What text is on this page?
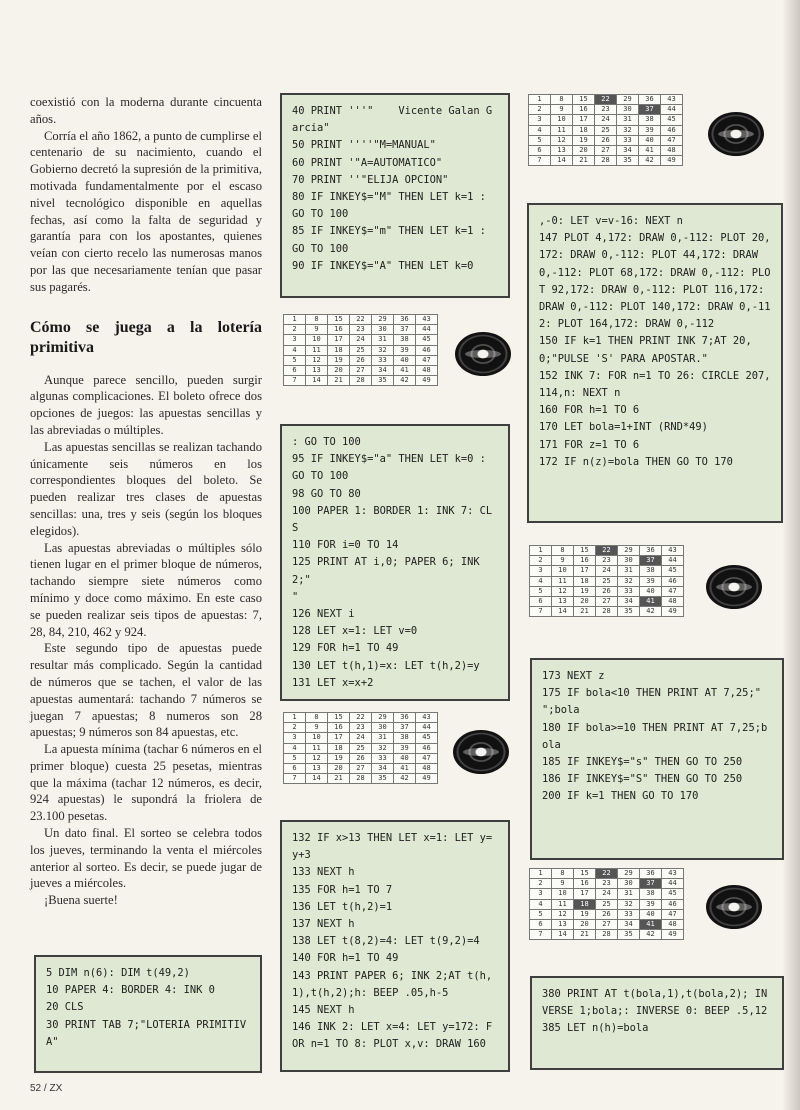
coexistió con la moderna durante cincuenta años.

Corría el año 1862, a punto de cumplirse el centenario de su nacimiento, cuando el Gobierno decretó la supresión de la primitiva, motivada fundamentalmente por el escaso nivel tecnológico disponible en aquellas fechas, así como la falta de seguridad y garantía para con los apostantes, quienes veían con cierto recelo las numerosas manos por las que necesariamente tenían que pasar sus pagarés.

Cómo se juega a la lotería primitiva

Aunque parece sencillo, pueden surgir algunas complicaciones. El boleto ofrece dos opciones de juegos: las apuestas sencillas y las abreviadas o múltiples.

Las apuestas sencillas se realizan tachando únicamente seis números en los correspondientes bloques del boleto. Se pueden realizar tres clases de apuestas sencillas: una, tres y seis (según los bloques elegidos).

Las apuestas abreviadas o múltiples sólo tienen lugar en el primer bloque de números, tachando siempre siete números como mínimo y doce como máximo. En este caso se pueden realizar seis tipos de apuestas: 7, 28, 84, 210, 462 y 924.

Este segundo tipo de apuestas puede resultar más complicado. Según la cantidad de números que se tachen, el valor de las apuestas aumentará: tachando 7 números se juegan 7 apuestas; 8 numeros son 28 apuestas; 9 números son 84 apuestas, etc.

La apuesta mínima (tachar 6 números en el primer bloque) cuesta 25 pesetas, mientras que la máxima (tachar 12 números, es decir, 924 apuestas) le supondrá la friolera de 23.100 pesetas.

Un dato final. El sorteo se celebra todos los jueves, terminando la venta el miércoles anterior al sorteo. Es decir, se puede jugar de jueves a miércoles.

¡Buena suerte!

5 DIM n(6): DIM t(49,2)
10 PAPER 4: BORDER 4: INK 0
20 CLS
30 PRINT TAB 7;"LOTERIA PRIMITIVA"
40 PRINT '''"    Vicente Galan Garcia"
50 PRINT ''''"M=MANUAL"
60 PRINT '"A=AUTOMATICO"
70 PRINT ''"ELIJA OPCION"
80 IF INKEY$="M" THEN LET k=1 : GO TO 100
85 IF INKEY$="m" THEN LET k=1 : GO TO 100
90 IF INKEY$="A" THEN LET k=0
: GO TO 100
95 IF INKEY$="a" THEN LET k=0 : GO TO 100
98 GO TO 80
100 PAPER 1: BORDER 1: INK 7: CLS
110 FOR i=0 TO 14
125 PRINT AT i,0; PAPER 6; INK 2;"                              "
126 NEXT i
128 LET x=1: LET v=0
129 FOR h=1 TO 49
130 LET t(h,1)=x: LET t(h,2)=y
131 LET x=x+2
132 IF x>13 THEN LET x=1: LET y=y+3
133 NEXT h
135 FOR h=1 TO 7
136 LET t(h,2)=1
137 NEXT h
138 LET t(8,2)=4: LET t(9,2)=4
140 FOR h=1 TO 49
143 PRINT PAPER 6; INK 2;AT t(h,1),t(h,2);h: BEEP .05,h-5
145 NEXT h
146 INK 2: LET x=4: LET y=172: FOR n=1 TO 8: PLOT x,v: DRAW 160
,-0: LET v=v-16: NEXT n
147 PLOT 4,172: DRAW 0,-112: PLOT 20,172: DRAW 0,-112: PLOT 44,172: DRAW 0,-112: PLOT 68,172: DRAW 0,-112: PLOT 92,172: DRAW 0,-112: PLOT 116,172: DRAW 0,-112: PLOT 140,172: DRAW 0,-112: PLOT 164,172: DRAW 0,-112
150 IF k=1 THEN PRINT INK 7;AT 20,0;"PULSE 'S' PARA APOSTAR."
152 INK 7: FOR n=1 TO 26: CIRCLE 207,114,n: NEXT n
160 FOR h=1 TO 6
170 LET bola=1+INT (RND*49)
171 FOR z=1 TO 6
172 IF n(z)=bola THEN GO TO 170
173 NEXT z
175 IF bola<10 THEN PRINT AT 7,25;" ";bola
180 IF bola>=10 THEN PRINT AT 7,25;bola
185 IF INKEY$="s" THEN GO TO 250
186 IF INKEY$="S" THEN GO TO 250
200 IF k=1 THEN GO TO 170
380 PRINT AT t(bola,1),t(bola,2); INVERSE 1;bola;: INVERSE 0: BEEP .5,12
385 LET n(h)=bola
1	8	15	22	29	36	43
2	9	16	23	30	37	44
3	10	17	24	31	38	45
4	11	18	25	32	39	46
5	12	19	26	33	40	47
6	13	20	27	34	41	48
7	14	21	28	35	42	49
1	8	15	22	29	36	43
2	9	16	23	30	37	44
3	10	17	24	31	38	45
4	11	18	25	32	39	46
5	12	19	26	33	40	47
6	13	20	27	34	41	48
7	14	21	28	35	42	49
1	8	15	22	29	36	43
2	9	16	23	30	37	44
3	10	17	24	31	38	45
4	11	18	25	32	39	46
5	12	19	26	33	40	47
6	13	20	27	34	41	48
7	14	21	28	35	42	49
1	8	15	22	29	36	43
2	9	16	23	30	37	44
3	10	17	24	31	38	45
4	11	18	25	32	39	46
5	12	19	26	33	40	47
6	13	20	27	34	41	48
7	14	21	28	35	42	49
1	8	15	22	29	36	43
2	9	16	23	30	37	44
3	10	17	24	31	38	45
4	11	18	25	32	39	46
5	12	19	26	33	40	47
6	13	20	27	34	41	48
7	14	21	28	35	42	49
52 / ZX
